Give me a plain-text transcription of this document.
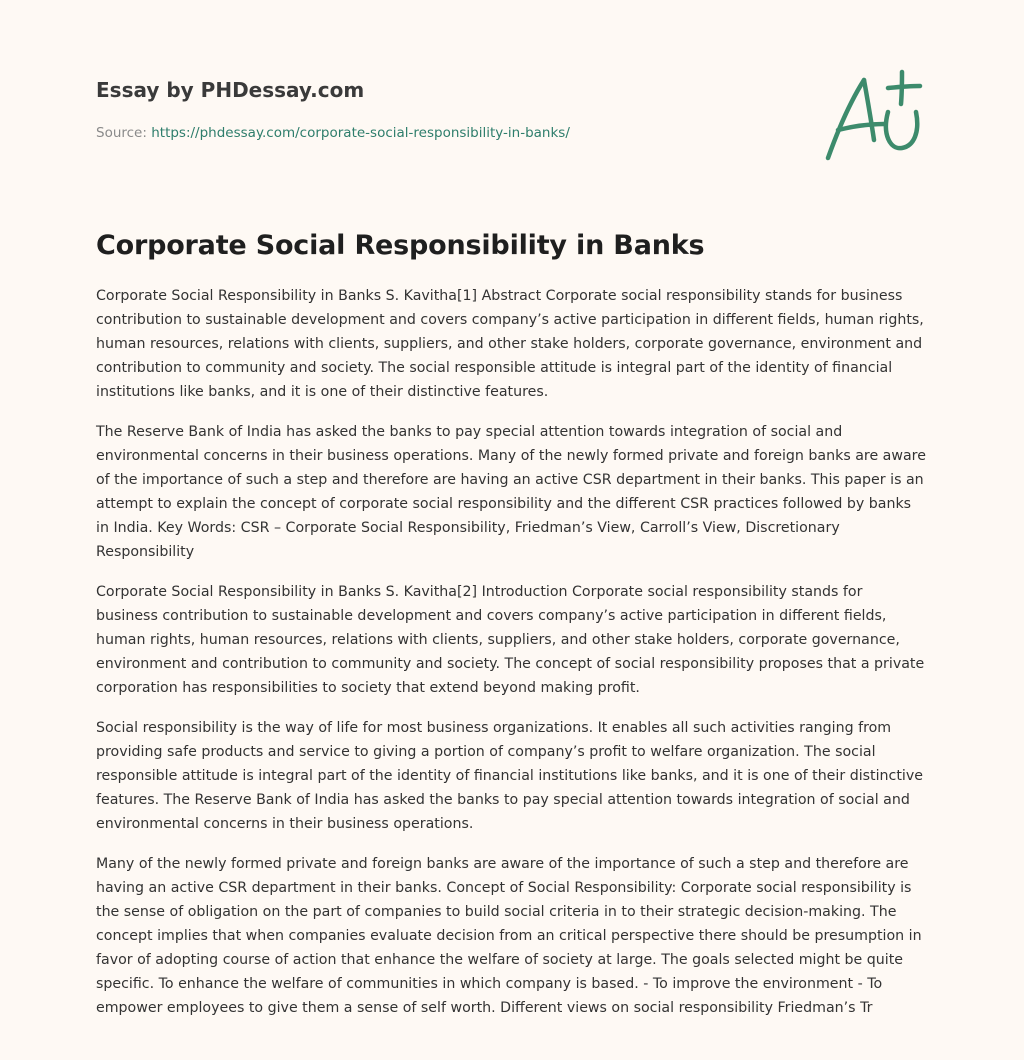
Essay by PHDessay.com
Source: https://phdessay.com/corporate-social-responsibility-in-banks/
Corporate Social Responsibility in Banks

Corporate Social Responsibility in Banks S. Kavitha[1] Abstract Corporate social responsibility stands for business contribution to sustainable development and covers company’s active participation in different fields, human rights, human resources, relations with clients, suppliers, and other stake holders, corporate governance, environment and contribution to community and society. The social responsible attitude is integral part of the identity of financial institutions like banks, and it is one of their distinctive features.

The Reserve Bank of India has asked the banks to pay special attention towards integration of social and environmental concerns in their business operations. Many of the newly formed private and foreign banks are aware of the importance of such a step and therefore are having an active CSR department in their banks. This paper is an attempt to explain the concept of corporate social responsibility and the different CSR practices followed by banks in India. Key Words: CSR – Corporate Social Responsibility, Friedman’s View, Carroll’s View, Discretionary Responsibility

Corporate Social Responsibility in Banks S. Kavitha[2] Introduction Corporate social responsibility stands for business contribution to sustainable development and covers company’s active participation in different fields, human rights, human resources, relations with clients, suppliers, and other stake holders, corporate governance, environment and contribution to community and society. The concept of social responsibility proposes that a private corporation has responsibilities to society that extend beyond making profit.

Social responsibility is the way of life for most business organizations. It enables all such activities ranging from providing safe products and service to giving a portion of company’s profit to welfare organization. The social responsible attitude is integral part of the identity of financial institutions like banks, and it is one of their distinctive features. The Reserve Bank of India has asked the banks to pay special attention towards integration of social and environmental concerns in their business operations.

Many of the newly formed private and foreign banks are aware of the importance of such a step and therefore are having an active CSR department in their banks. Concept of Social Responsibility: Corporate social responsibility is the sense of obligation on the part of companies to build social criteria in to their strategic decision-making. The concept implies that when companies evaluate decision from an critical perspective there should be presumption in favor of adopting course of action that enhance the welfare of society at large. The goals selected might be quite specific. To enhance the welfare of communities in which company is based. - To improve the environment - To empower employees to give them a sense of self worth. Different views on social responsibility Friedman’s Tr
